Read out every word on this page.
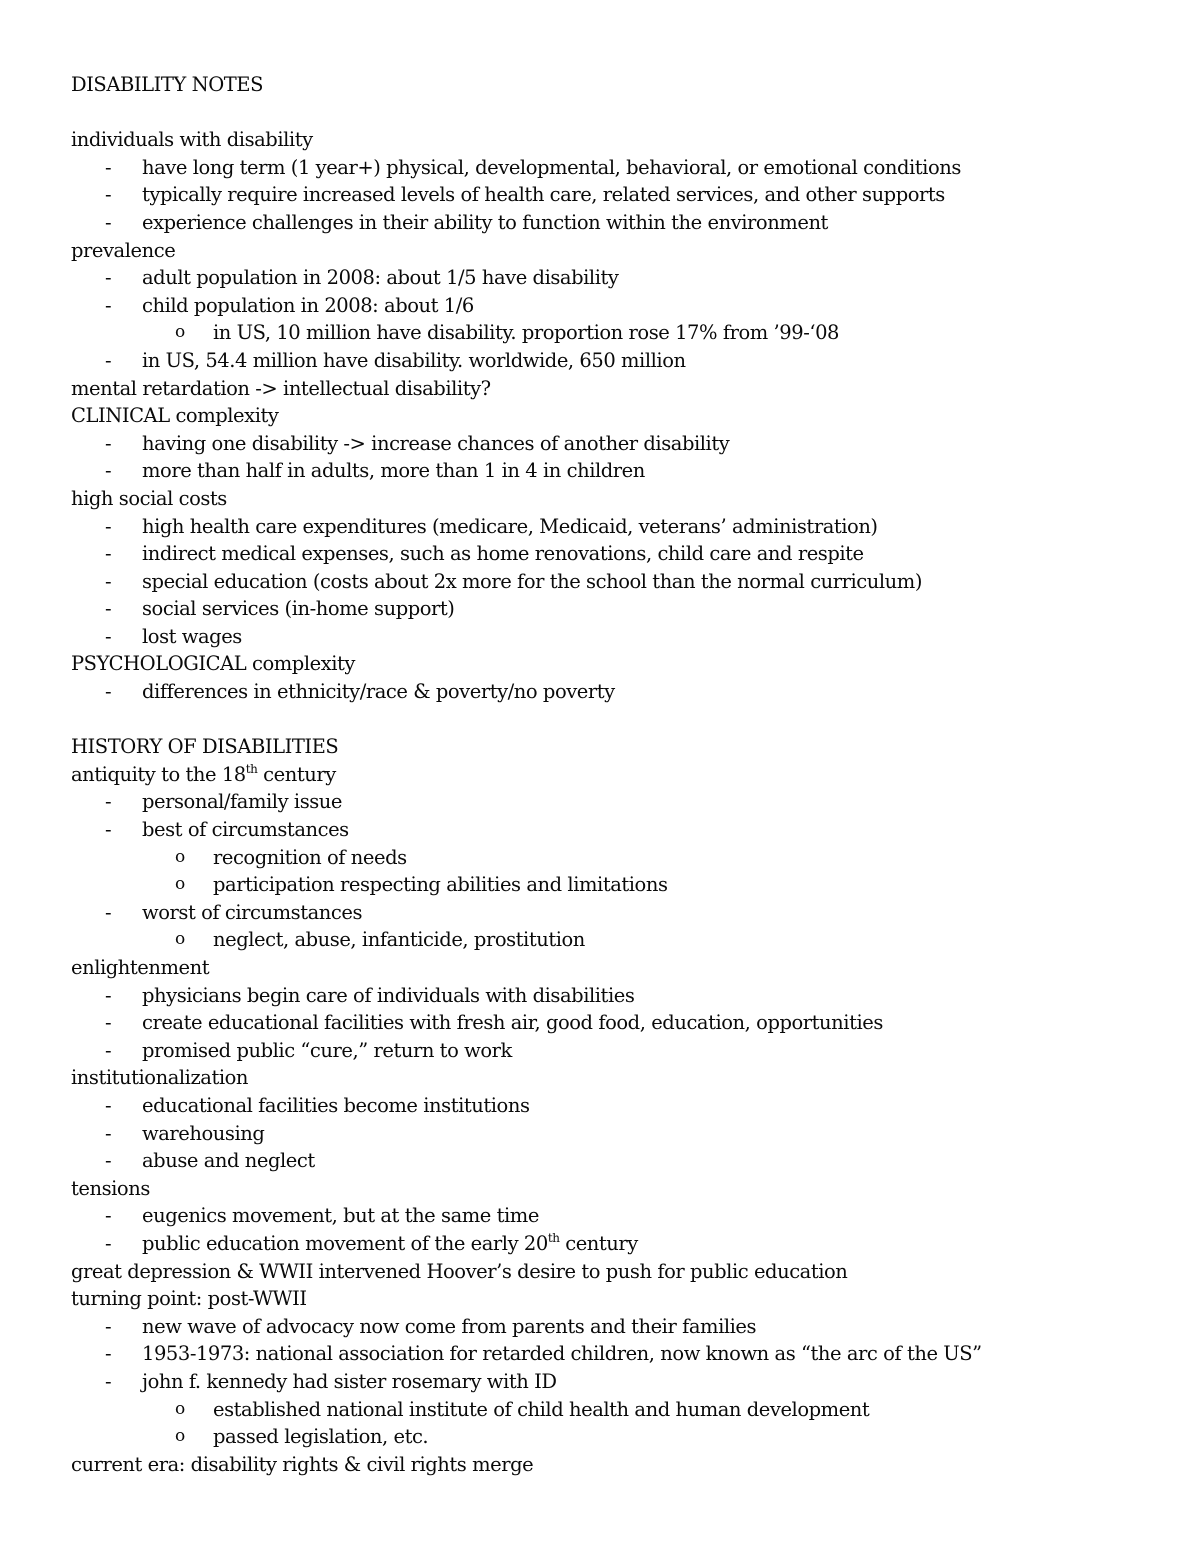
DISABILITY NOTES
individuals with disability
- have long term (1 year+) physical, developmental, behavioral, or emotional conditions
- typically require increased levels of health care, related services, and other supports
- experience challenges in their ability to function within the environment
prevalence
- adult population in 2008: about 1/5 have disability
- child population in 2008: about 1/6
o in US, 10 million have disability. proportion rose 17% from ’99-‘08
- in US, 54.4 million have disability. worldwide, 650 million
mental retardation -> intellectual disability?
CLINICAL complexity
- having one disability -> increase chances of another disability
- more than half in adults, more than 1 in 4 in children
high social costs
- high health care expenditures (medicare, Medicaid, veterans’ administration)
- indirect medical expenses, such as home renovations, child care and respite
- special education (costs about 2x more for the school than the normal curriculum)
- social services (in-home support)
- lost wages
PSYCHOLOGICAL complexity
- differences in ethnicity/race & poverty/no poverty
HISTORY OF DISABILITIES
antiquity to the 18th century
- personal/family issue
- best of circumstances
o recognition of needs
o participation respecting abilities and limitations
- worst of circumstances
o neglect, abuse, infanticide, prostitution
enlightenment
- physicians begin care of individuals with disabilities
- create educational facilities with fresh air, good food, education, opportunities
- promised public “cure,” return to work
institutionalization
- educational facilities become institutions
- warehousing
- abuse and neglect
tensions
- eugenics movement, but at the same time
- public education movement of the early 20th century
great depression & WWII intervened Hoover’s desire to push for public education
turning point: post-WWII
- new wave of advocacy now come from parents and their families
- 1953-1973: national association for retarded children, now known as “the arc of the US”
- john f. kennedy had sister rosemary with ID
o established national institute of child health and human development
o passed legislation, etc.
current era: disability rights & civil rights merge
